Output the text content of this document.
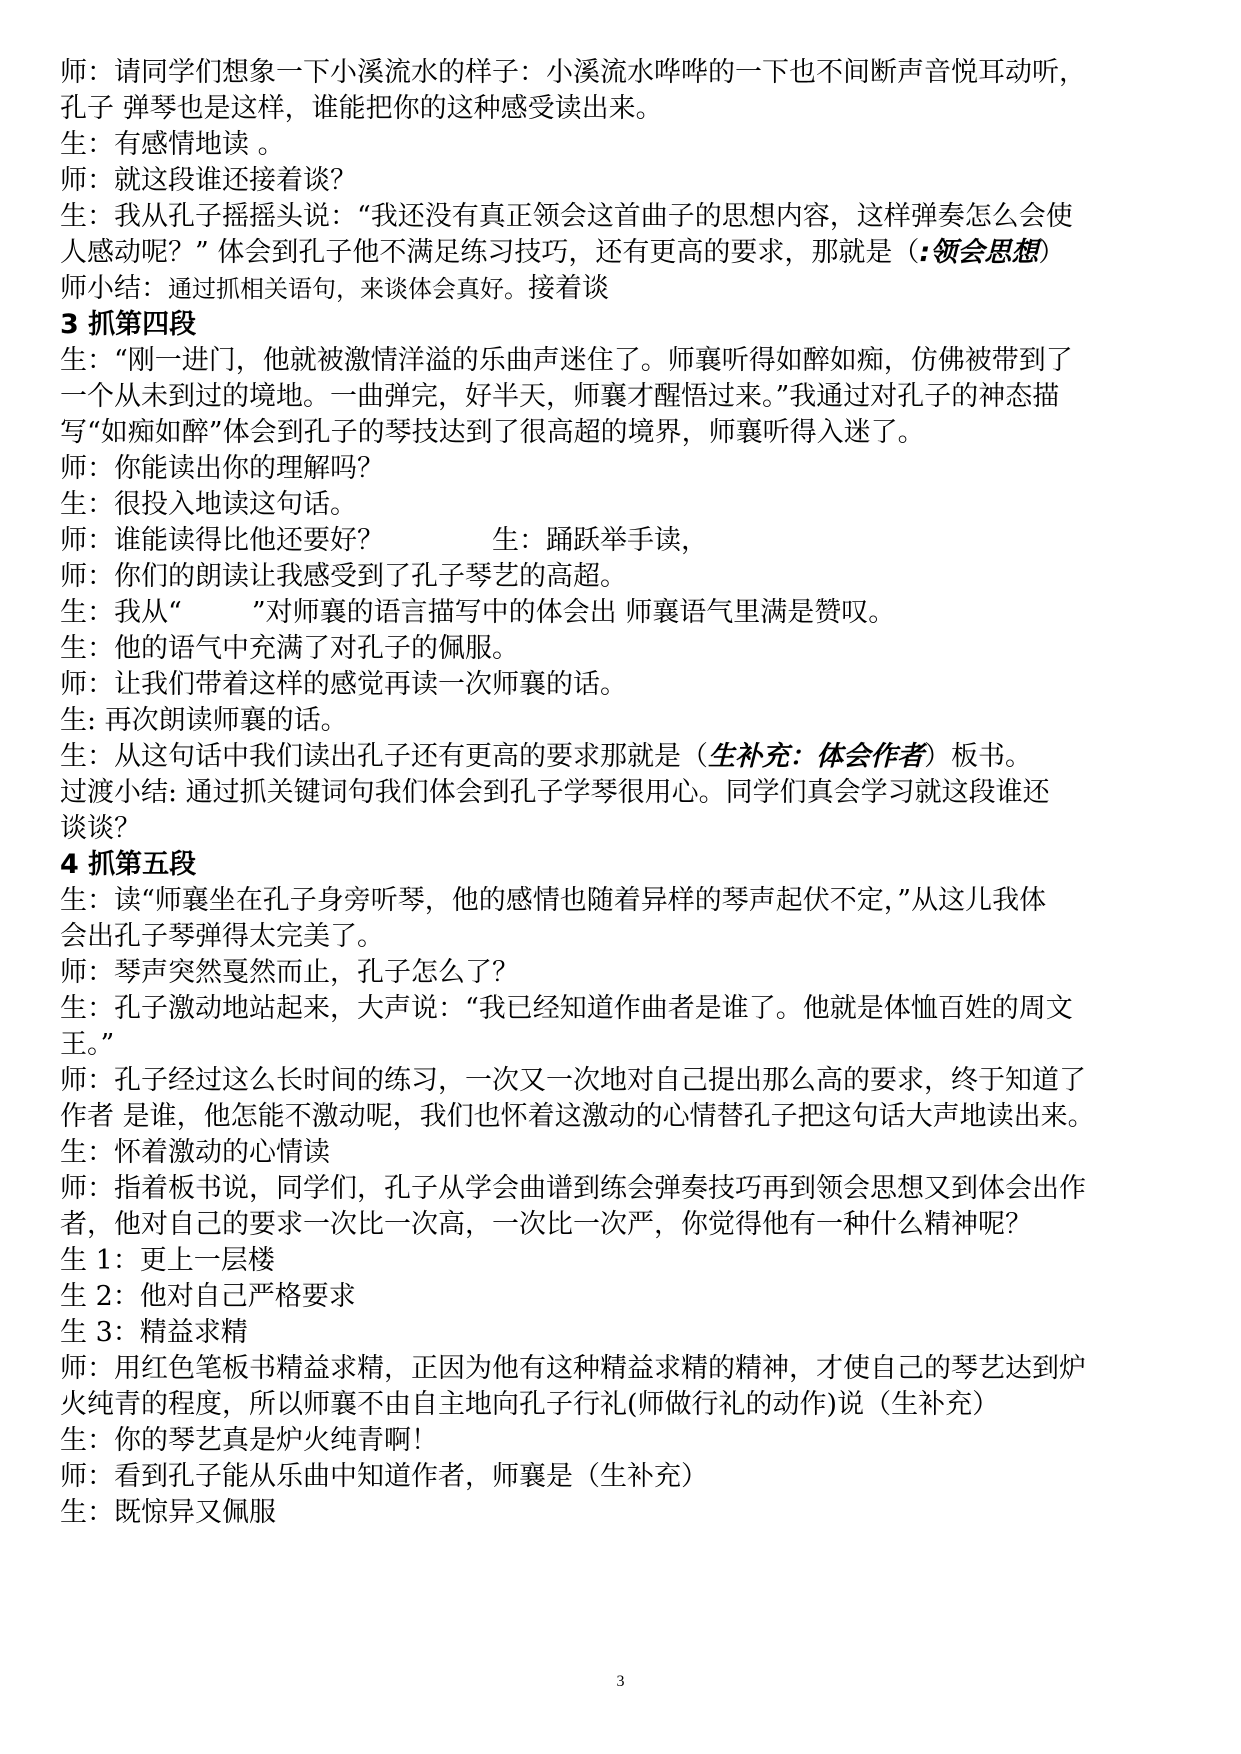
师：请同学们想象一下小溪流水的样子：小溪流水哗哗的一下也不间断声音悦耳动听，
孔子 弹琴也是这样，谁能把你的这种感受读出来。
生：有感情地读 。
师：就这段谁还接着谈？
生：我从孔子摇摇头说：“我还没有真正领会这首曲子的思想内容，这样弹奏怎么会使
人感动呢？” 体会到孔子他不满足练习技巧，还有更高的要求，那就是（:领会思想）
师小结：通过抓相关语句，来谈体会真好。接着谈
3 抓第四段
生：“刚一进门，他就被激情洋溢的乐曲声迷住了。师襄听得如醉如痴，仿佛被带到了
一个从未到过的境地。一曲弹完，好半天，师襄才醒悟过来。”我通过对孔子的神态描
写“如痴如醉”体会到孔子的琴技达到了很高超的境界，师襄听得入迷了。
师：你能读出你的理解吗？
生：很投入地读这句话。
师：谁能读得比他还要好？	生：踊跃举手读，
师：你们的朗读让我感受到了孔子琴艺的高超。
生：我从“	”对师襄的语言描写中的体会出 师襄语气里满是赞叹。
生：他的语气中充满了对孔子的佩服。
师：让我们带着这样的感觉再读一次师襄的话。
生: 再次朗读师襄的话。
生：从这句话中我们读出孔子还有更高的要求那就是（生补充：体会作者）板书。
过渡小结: 通过抓关键词句我们体会到孔子学琴很用心。同学们真会学习就这段谁还
谈谈？
4 抓第五段
生：读“师襄坐在孔子身旁听琴，他的感情也随着异样的琴声起伏不定，”从这儿我体
会出孔子琴弹得太完美了。
师：琴声突然戛然而止，孔子怎么了？
生：孔子激动地站起来，大声说：“我已经知道作曲者是谁了。他就是体恤百姓的周文
王。”
师：孔子经过这么长时间的练习，一次又一次地对自己提出那么高的要求，终于知道了
作者 是谁，他怎能不激动呢，我们也怀着这激动的心情替孔子把这句话大声地读出来。
生：怀着激动的心情读
师：指着板书说，同学们，孔子从学会曲谱到练会弹奏技巧再到领会思想又到体会出作
者，他对自己的要求一次比一次高，一次比一次严，你觉得他有一种什么精神呢？
生 1：更上一层楼
生 2：他对自己严格要求
生 3：精益求精
师：用红色笔板书精益求精，正因为他有这种精益求精的精神，才使自己的琴艺达到炉
火纯青的程度，所以师襄不由自主地向孔子行礼(师做行礼的动作)说（生补充）
生：你的琴艺真是炉火纯青啊！
师：看到孔子能从乐曲中知道作者，师襄是（生补充）
生：既惊异又佩服
3
